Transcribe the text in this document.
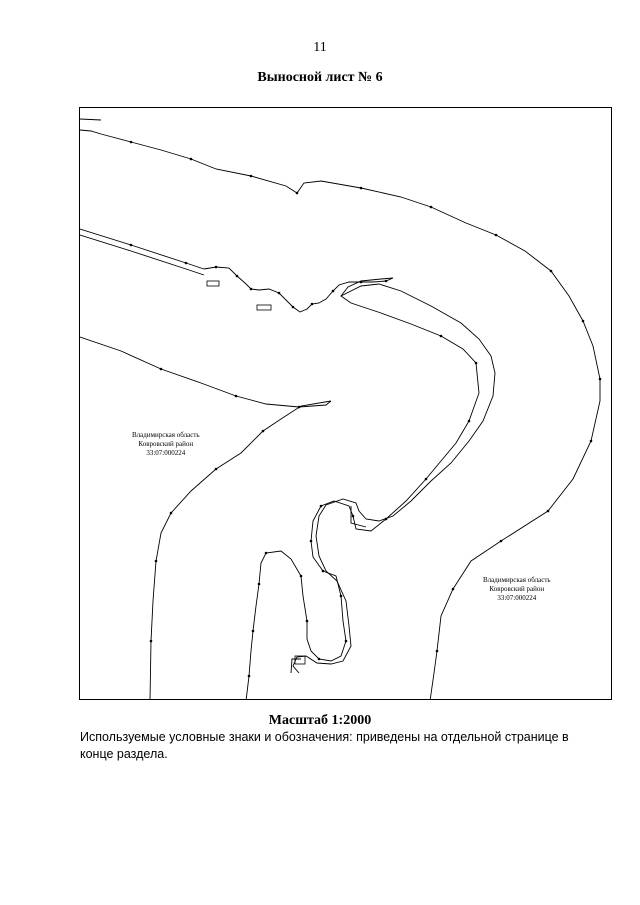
11
Выносной лист № 6
Владимирская область
Ковровский район
33:07:000224
Владимирская область
Ковровский район
33:07:000224
Масштаб 1:2000
Используемые условные знаки и обозначения: приведены на отдельной странице в конце раздела.
